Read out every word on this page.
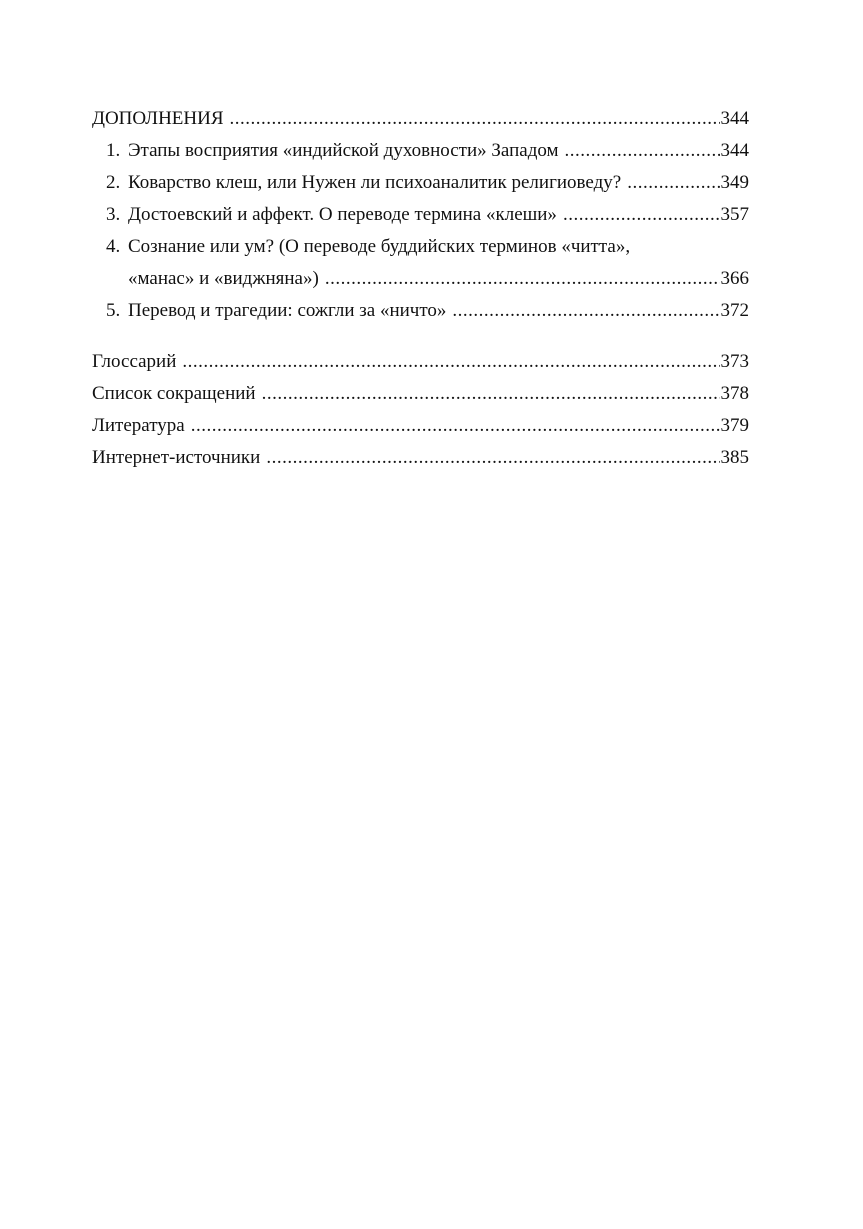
ДОПОЛНЕНИЯ .....	344
1. Этапы восприятия «индийской духовности» Западом .....	344
2. Коварство клеш, или Нужен ли психоаналитик религиоведу? .....	349
3. Достоевский и аффект. О переводе термина «клеши» .....	357
4. Сознание или ум? (О переводе буддийских терминов «читта»,
«манас» и «виджняна») .....	366
5. Перевод и трагедии: сожгли за «ничто» .....	372
Глоссарий .....	373
Список сокращений .....	378
Литература .....	379
Интернет-источники .....	385
